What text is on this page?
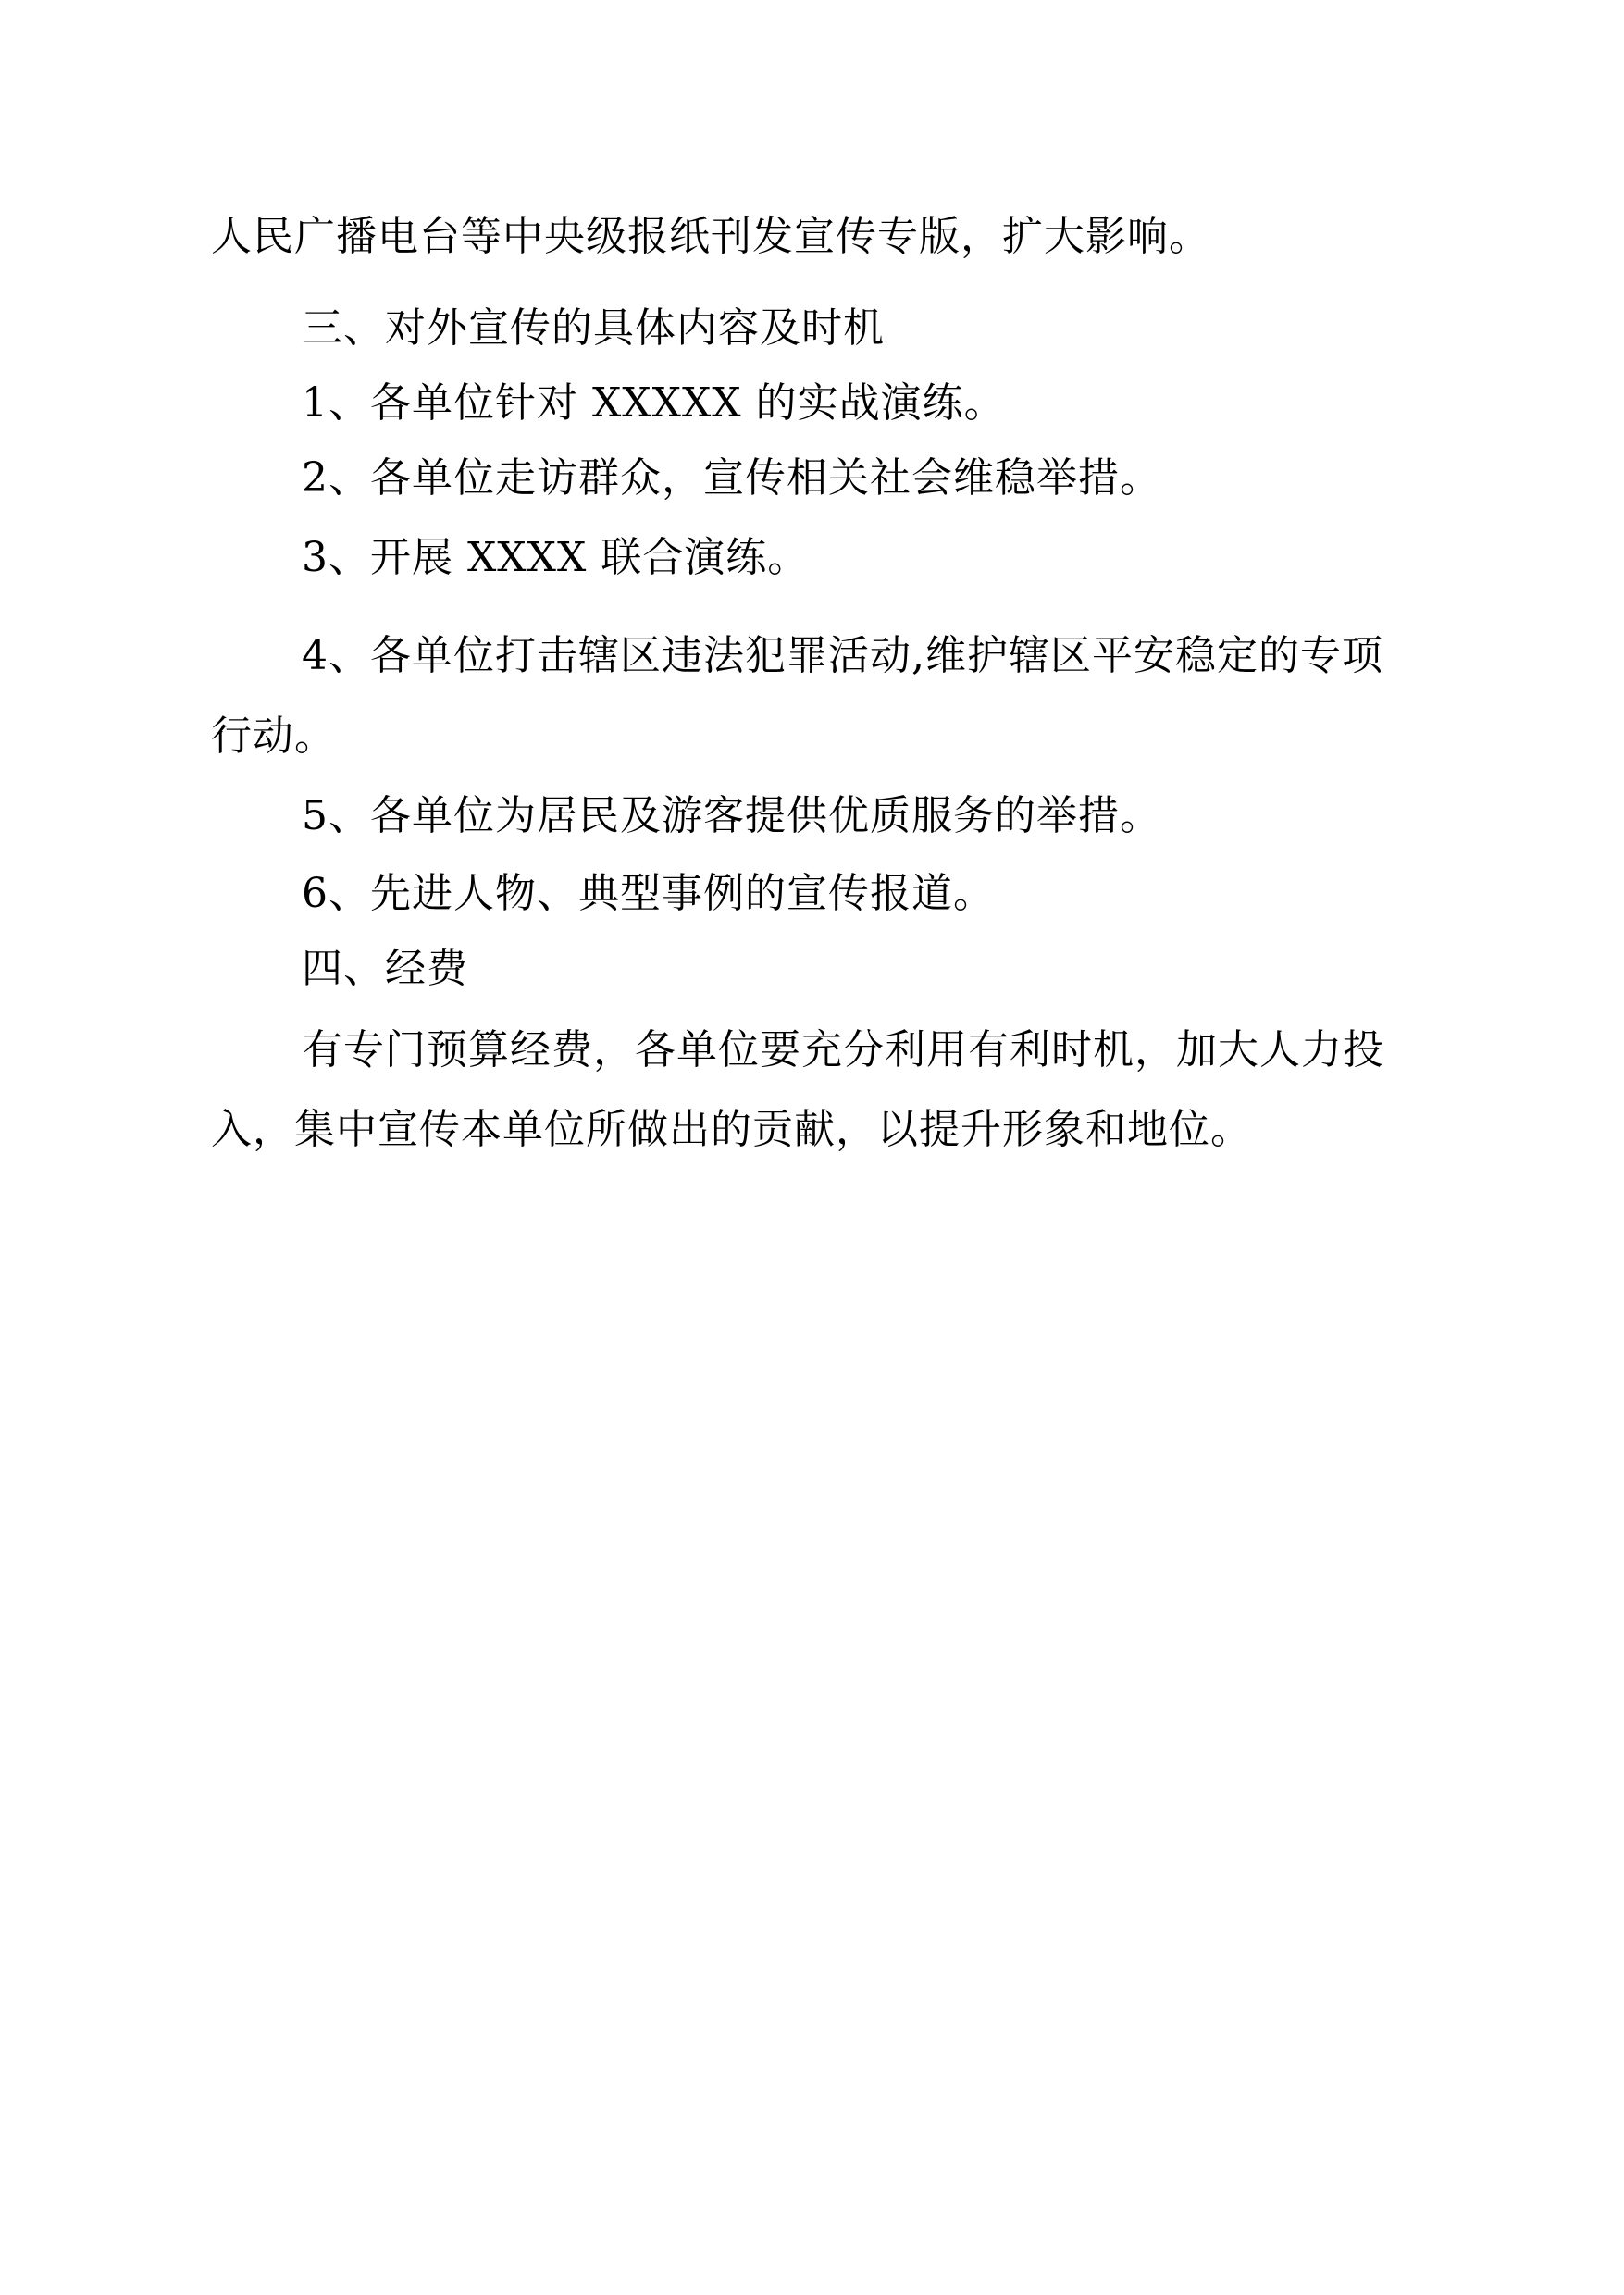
人民广播电台等中央级报纸刊发宣传专版，扩大影响。
三、对外宣传的具体内容及时机
1、各单位针对 XXXXX 的实战演练。
2、各单位走访群众，宣传相关社会维稳举措。
3、开展 XXXX 联合演练。
4、各单位打击辖区违法犯罪活动,维护辖区平安稳定的专项
行动。
5、各单位为居民及游客提供优质服务的举措。
6、先进人物、典型事例的宣传报道。
四、经费
有专门预算经费，各单位要充分利用有利时机，加大人力投
入，集中宣传本单位所做出的贡献，以提升形象和地位。
